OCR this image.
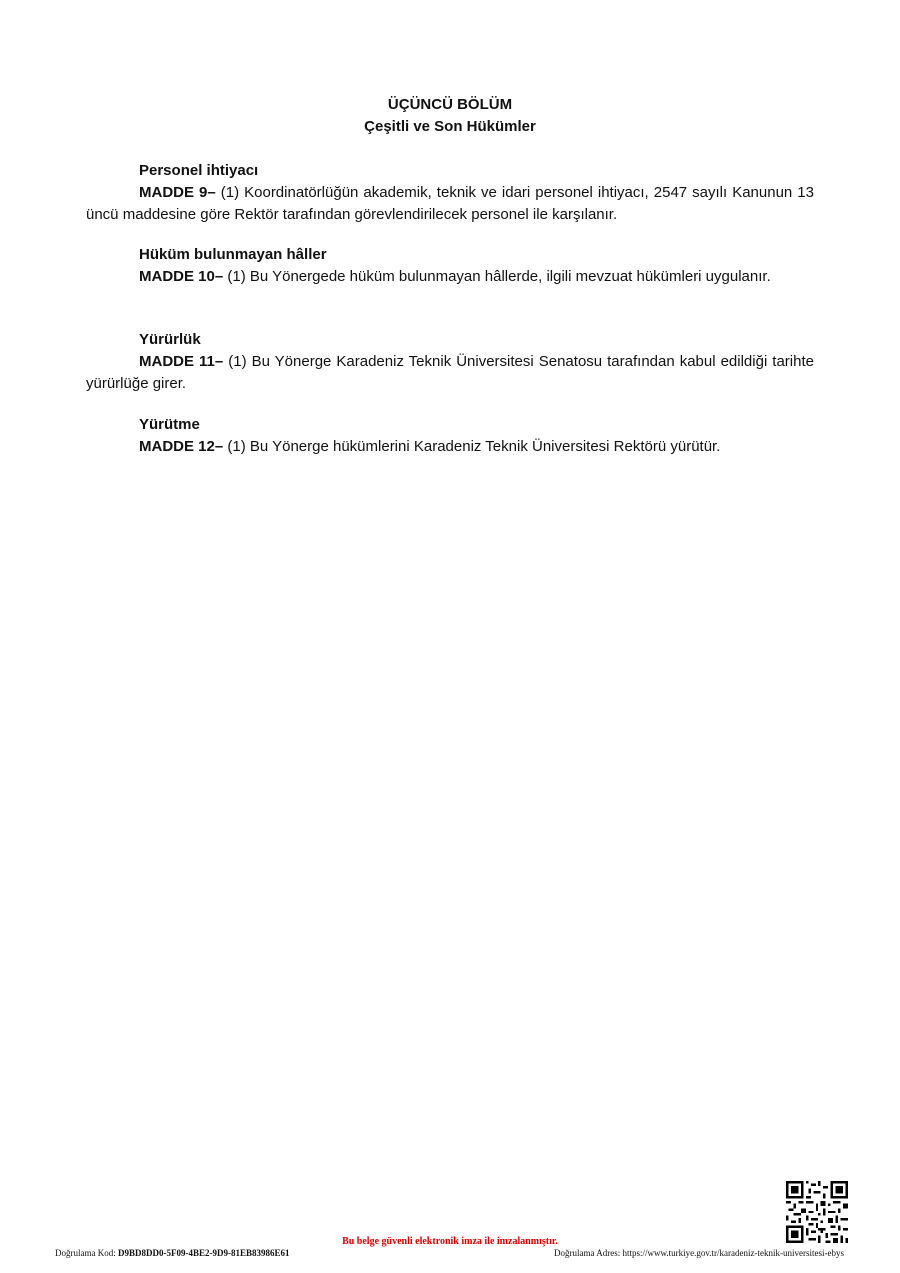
ÜÇÜNCÜ BÖLÜM
Çeşitli ve Son Hükümler
Personel ihtiyacı
MADDE 9– (1) Koordinatörlüğün akademik, teknik ve idari personel ihtiyacı, 2547 sayılı Kanunun 13 üncü maddesine göre Rektör tarafından görevlendirilecek personel ile karşılanır.
Hüküm bulunmayan hâller
MADDE 10– (1) Bu Yönergede hüküm bulunmayan hâllerde, ilgili mevzuat hükümleri uygulanır.
Yürürlük
MADDE 11– (1) Bu Yönerge Karadeniz Teknik Üniversitesi Senatosu tarafından kabul edildiği tarihte yürürlüğe girer.
Yürütme
MADDE 12– (1) Bu Yönerge hükümlerini Karadeniz Teknik Üniversitesi Rektörü yürütür.
Bu belge güvenli elektronik imza ile imzalanmıştır.
Doğrulama Kod: D9BD8DD0-5F09-4BE2-9D9-81EB83986E61	Doğrulama Adres: https://www.turkiye.gov.tr/karadeniz-teknik-universitesi-ebys
